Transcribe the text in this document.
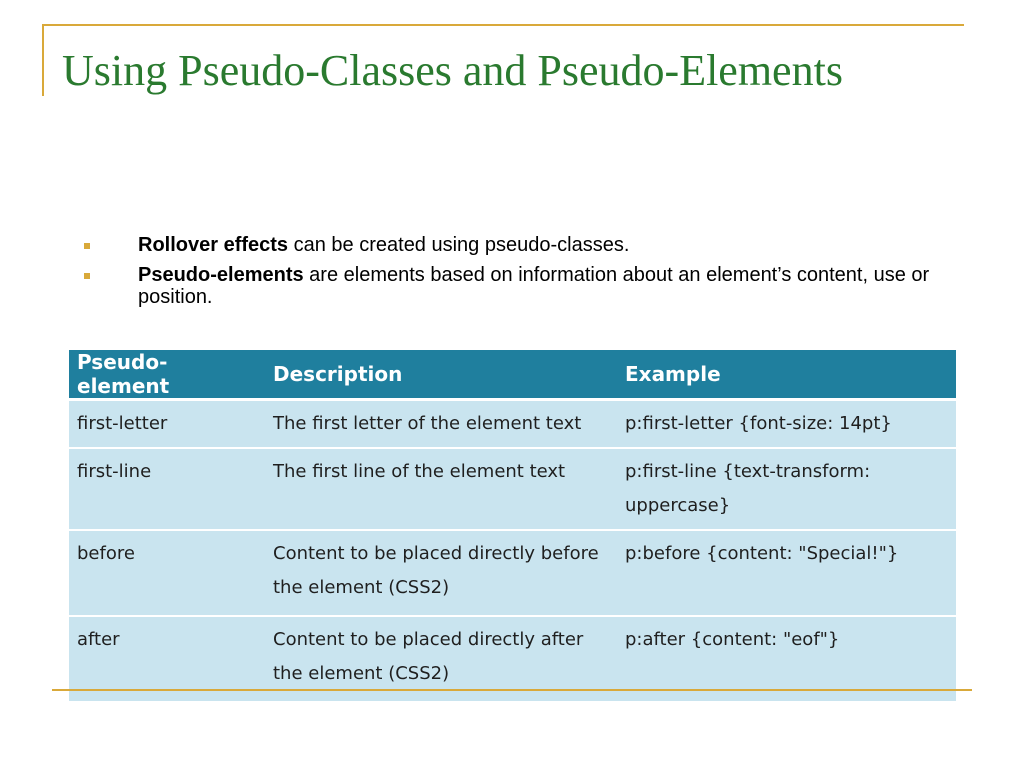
Using Pseudo-Classes and Pseudo-Elements
Rollover effects can be created using pseudo-classes.
Pseudo-elements are elements based on information about an element’s content, use or position.
Pseudo-element	Description	Example
first-letter	The first letter of the element text	p:first-letter {font-size: 14pt}
first-line	The first line of the element text	p:first-line {text-transform: uppercase}
before	Content to be placed directly before the element (CSS2)	p:before {content: "Special!"}
after	Content to be placed directly after the element (CSS2)	p:after {content: "eof"}
